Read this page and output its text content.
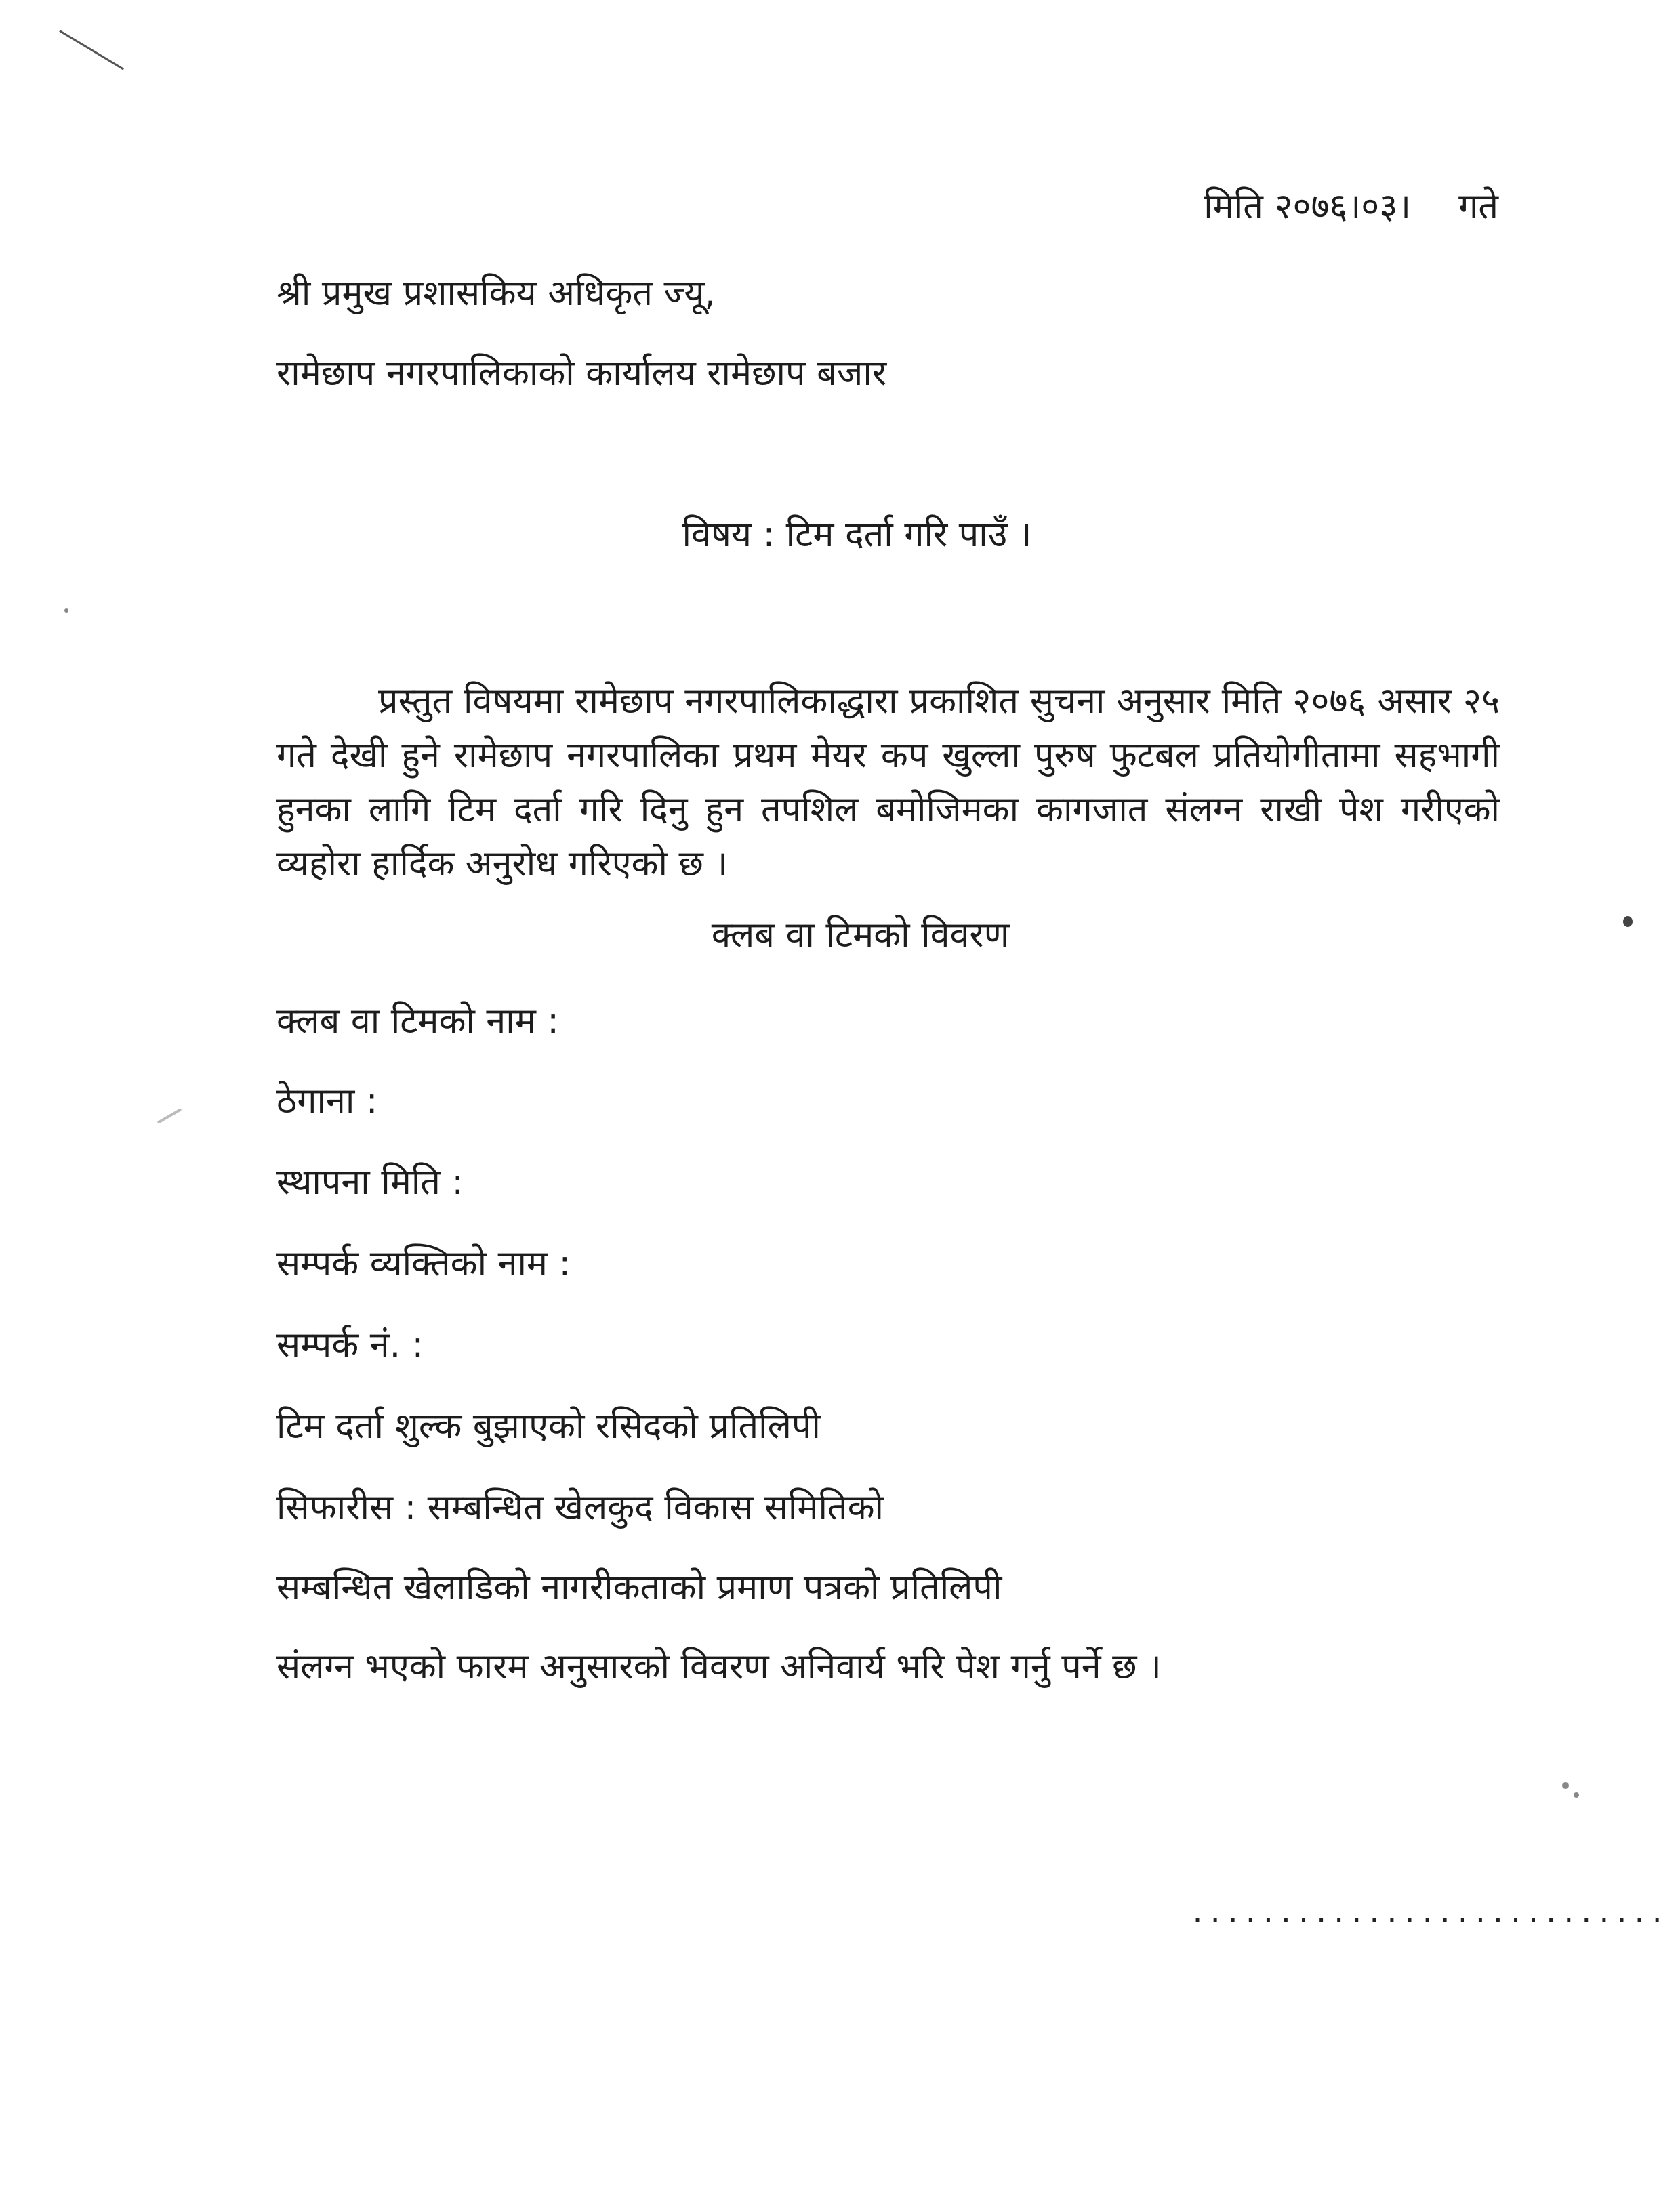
मिति २०७६।०३। गते
श्री प्रमुख प्रशासकिय अधिकृत ज्यू,
रामेछाप नगरपालिकाको कार्यालय रामेछाप बजार
विषय : टिम दर्ता गरि पाउँ ।
प्रस्तुत विषयमा रामेछाप नगरपालिकाद्धारा प्रकाशित सुचना अनुसार मिति २०७६ असार २५ गते देखी हुने रामेछाप नगरपालिका प्रथम मेयर कप खुल्ला पुरुष फुटबल प्रतियोगीतामा सहभागी हुनका लागि टिम दर्ता गरि दिनु हुन तपशिल बमोजिमका कागजात संलग्न राखी पेश गरीएको व्यहोरा हार्दिक अनुरोध गरिएको छ ।
क्लब वा टिमको विवरण
क्लब वा टिमको नाम :
ठेगाना :
स्थापना मिति :
सम्पर्क व्यक्तिको नाम :
सम्पर्क नं. :
टिम दर्ता शुल्क बुझाएको रसिदको प्रतिलिपी
सिफारीस : सम्बन्धित खेलकुद विकास समितिको
सम्बन्धित खेलाडिको नागरीकताको प्रमाण पत्रको प्रतिलिपी
संलग्न भएको फारम अनुसारको विवरण अनिवार्य भरि पेश गर्नु पर्ने छ ।
...........................
